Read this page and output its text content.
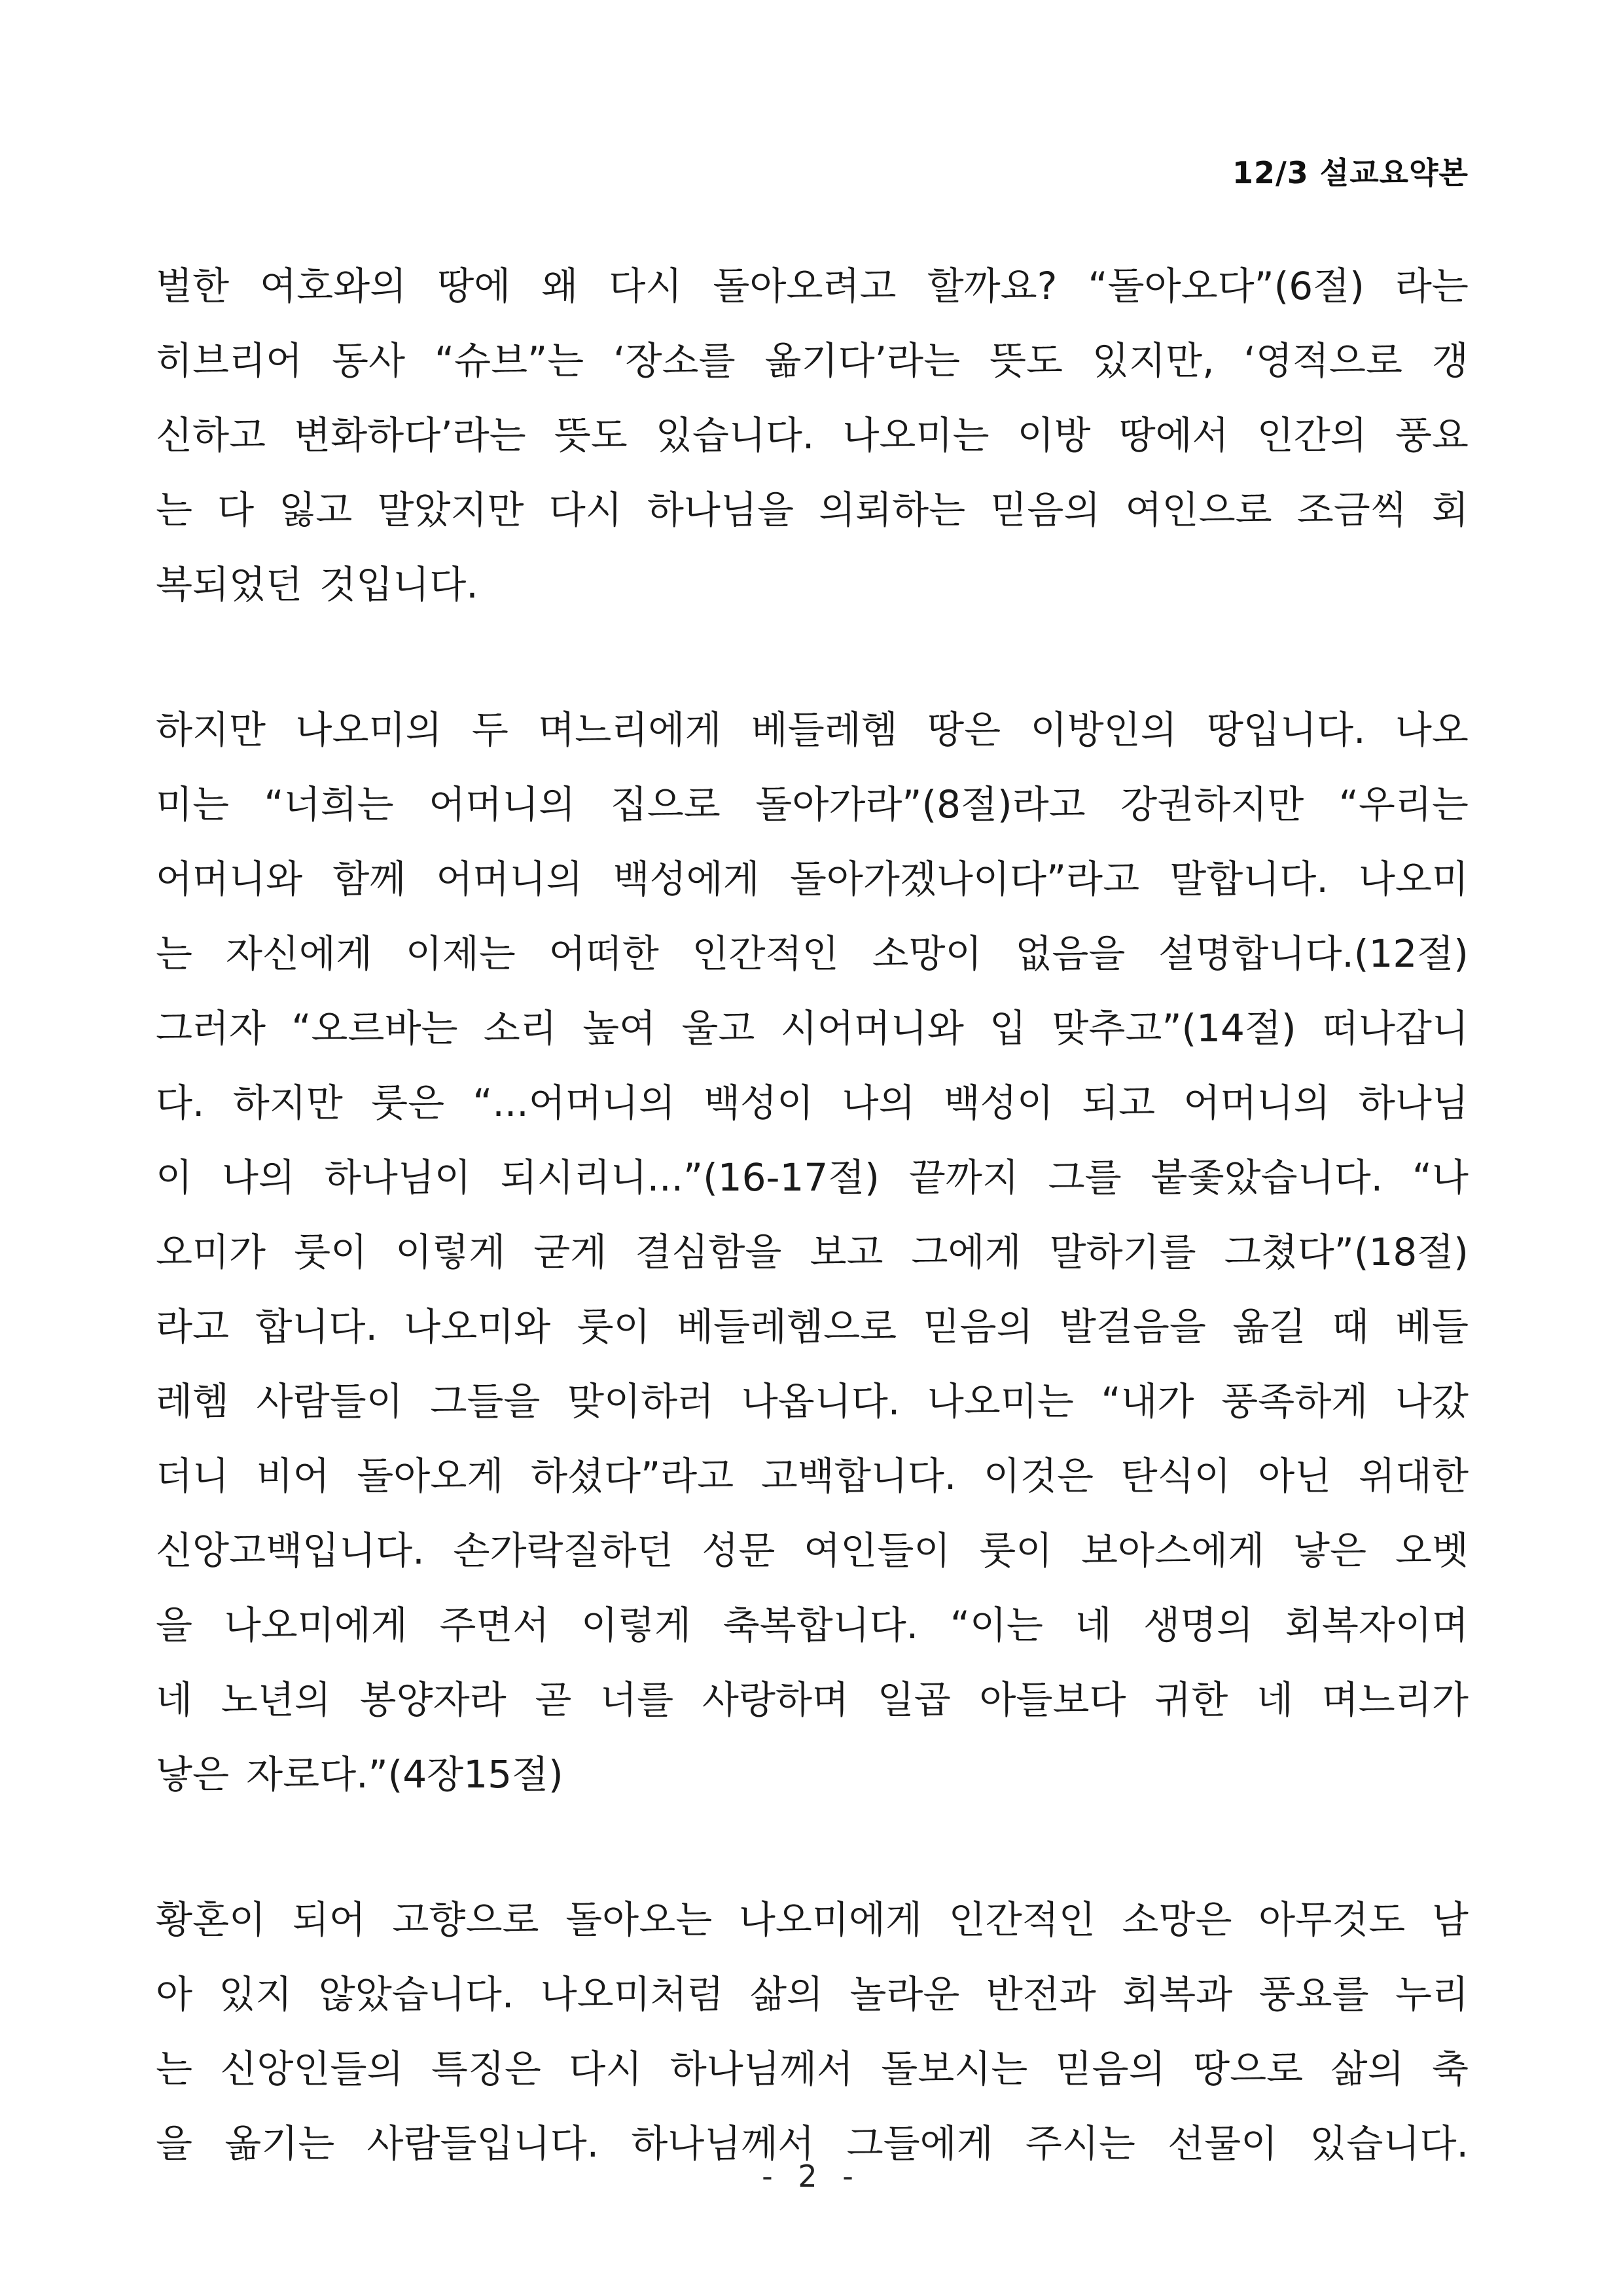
12/3 설교요약본
벌한 여호와의 땅에 왜 다시 돌아오려고 할까요? “돌아오다”(6절) 라는
히브리어 동사 “슈브”는 ‘장소를 옮기다’라는 뜻도 있지만, ‘영적으로 갱
신하고 변화하다’라는 뜻도 있습니다. 나오미는 이방 땅에서 인간의 풍요
는 다 잃고 말았지만 다시 하나님을 의뢰하는 믿음의 여인으로 조금씩 회
복되었던 것입니다.
하지만 나오미의 두 며느리에게 베들레헴 땅은 이방인의 땅입니다. 나오
미는 “너희는 어머니의 집으로 돌아가라”(8절)라고 강권하지만 “우리는
어머니와 함께 어머니의 백성에게 돌아가겠나이다”라고 말합니다. 나오미
는 자신에게 이제는 어떠한 인간적인 소망이 없음을 설명합니다.(12절)
그러자 “오르바는 소리 높여 울고 시어머니와 입 맞추고”(14절) 떠나갑니
다. 하지만 룻은 “...어머니의 백성이 나의 백성이 되고 어머니의 하나님
이 나의 하나님이 되시리니...”(16-17절) 끝까지 그를 붙좇았습니다. “나
오미가 룻이 이렇게 굳게 결심함을 보고 그에게 말하기를 그쳤다”(18절)
라고 합니다. 나오미와 룻이 베들레헴으로 믿음의 발걸음을 옮길 때 베들
레헴 사람들이 그들을 맞이하러 나옵니다. 나오미는 “내가 풍족하게 나갔
더니 비어 돌아오게 하셨다”라고 고백합니다. 이것은 탄식이 아닌 위대한
신앙고백입니다. 손가락질하던 성문 여인들이 룻이 보아스에게 낳은 오벳
을 나오미에게 주면서 이렇게 축복합니다. “이는 네 생명의 회복자이며
네 노년의 봉양자라 곧 너를 사랑하며 일곱 아들보다 귀한 네 며느리가
낳은 자로다.”(4장15절)
황혼이 되어 고향으로 돌아오는 나오미에게 인간적인 소망은 아무것도 남
아 있지 않았습니다. 나오미처럼 삶의 놀라운 반전과 회복과 풍요를 누리
는 신앙인들의 특징은 다시 하나님께서 돌보시는 믿음의 땅으로 삶의 축
을 옮기는 사람들입니다. 하나님께서 그들에게 주시는 선물이 있습니다.
- 2 -
